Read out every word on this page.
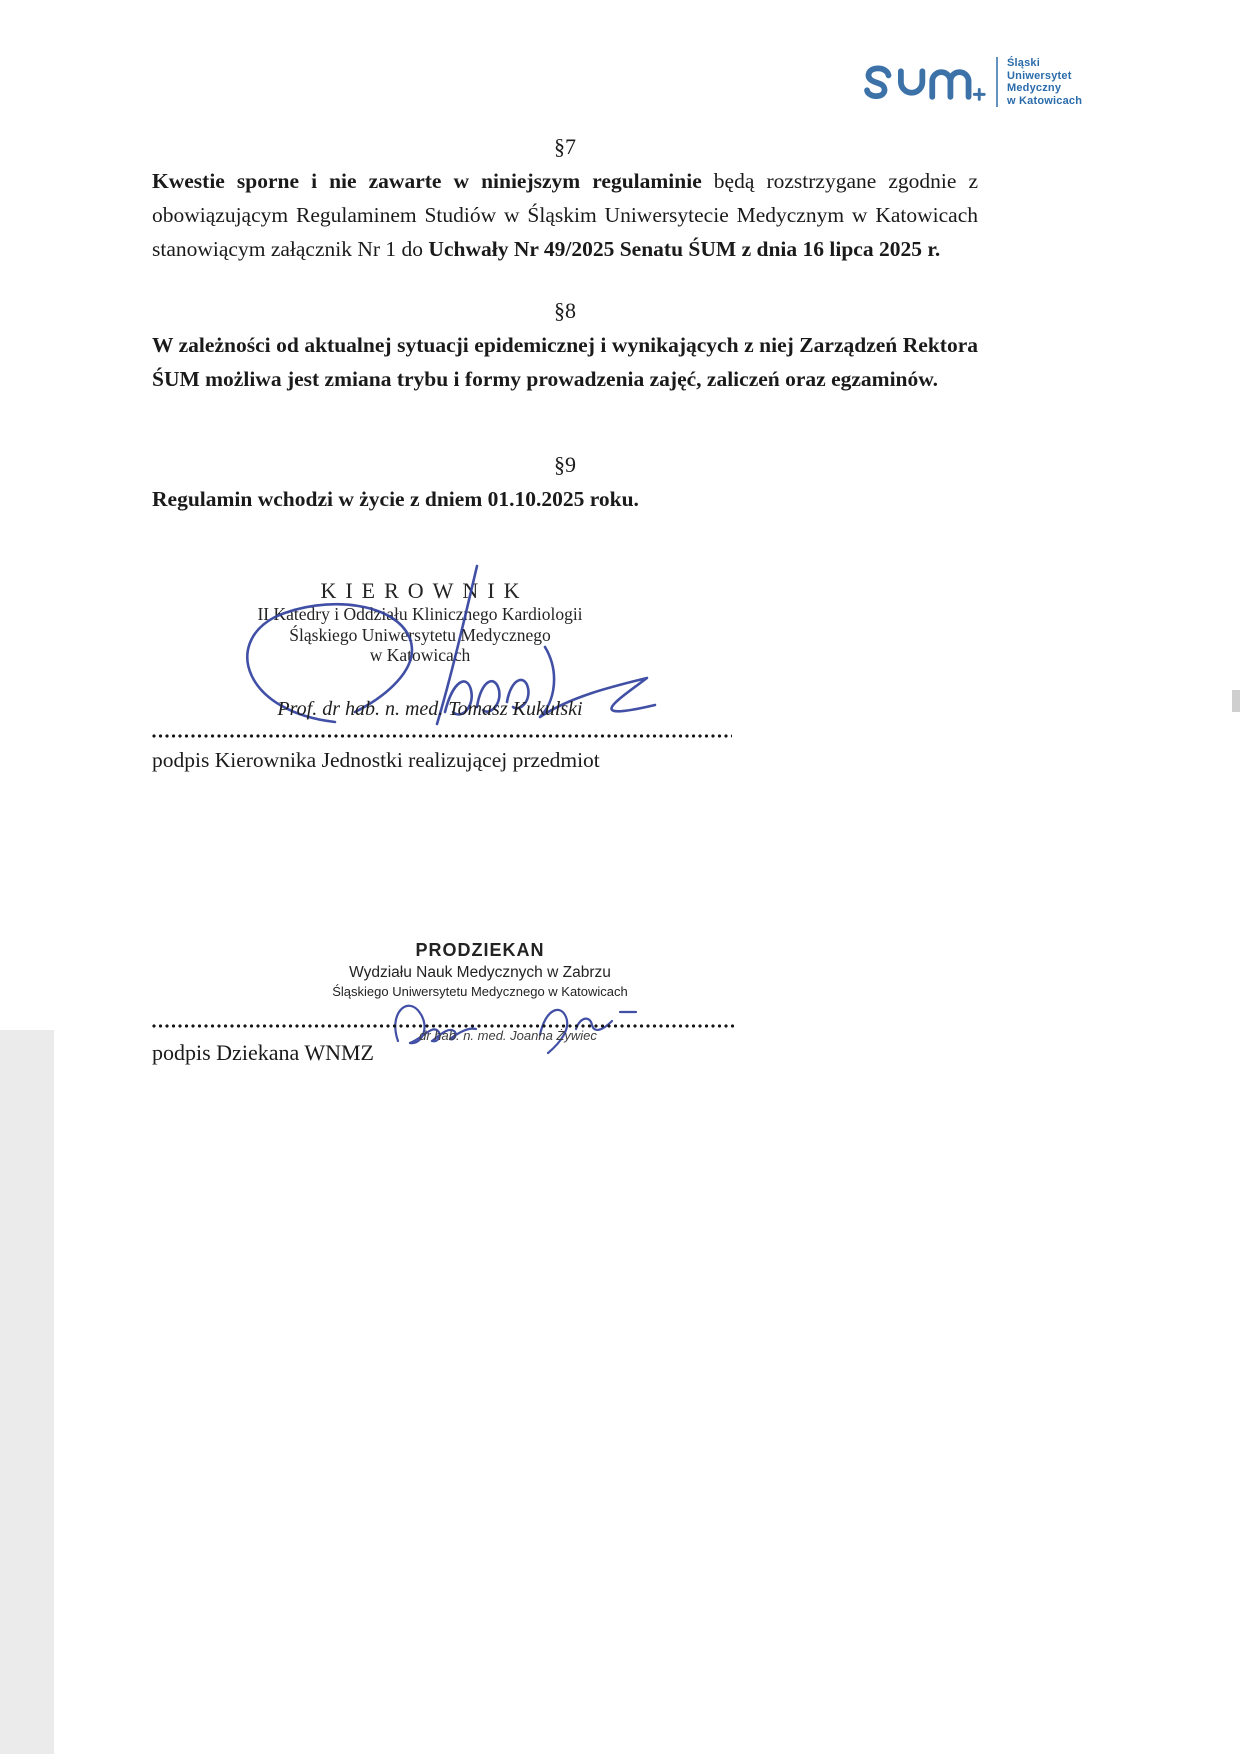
Śląski
Uniwersytet
Medyczny
w Katowicach
§7
Kwestie sporne i nie zawarte w niniejszym regulaminie będą rozstrzygane zgodnie z obowiązującym Regulaminem Studiów w Śląskim Uniwersytecie Medycznym w Katowicach stanowiącym załącznik Nr 1 do Uchwały Nr 49/2025 Senatu ŚUM z dnia 16 lipca 2025 r.
§8
W zależności od aktualnej sytuacji epidemicznej i wynikających z niej Zarządzeń Rektora ŚUM możliwa jest zmiana trybu i formy prowadzenia zajęć, zaliczeń oraz egzaminów.
§9
Regulamin wchodzi w życie z dniem 01.10.2025 roku.
KIEROWNIK
II Katedry i Oddziału Klinicznego Kardiologii
Śląskiego Uniwersytetu Medycznego
w Katowicach
Prof. dr hab. n. med. Tomasz Kukulski
podpis Kierownika Jednostki realizującej przedmiot
PRODZIEKAN
Wydziału Nauk Medycznych w Zabrzu
Śląskiego Uniwersytetu Medycznego w Katowicach
dr hab. n. med. Joanna Żywiec
podpis Dziekana WNMZ
